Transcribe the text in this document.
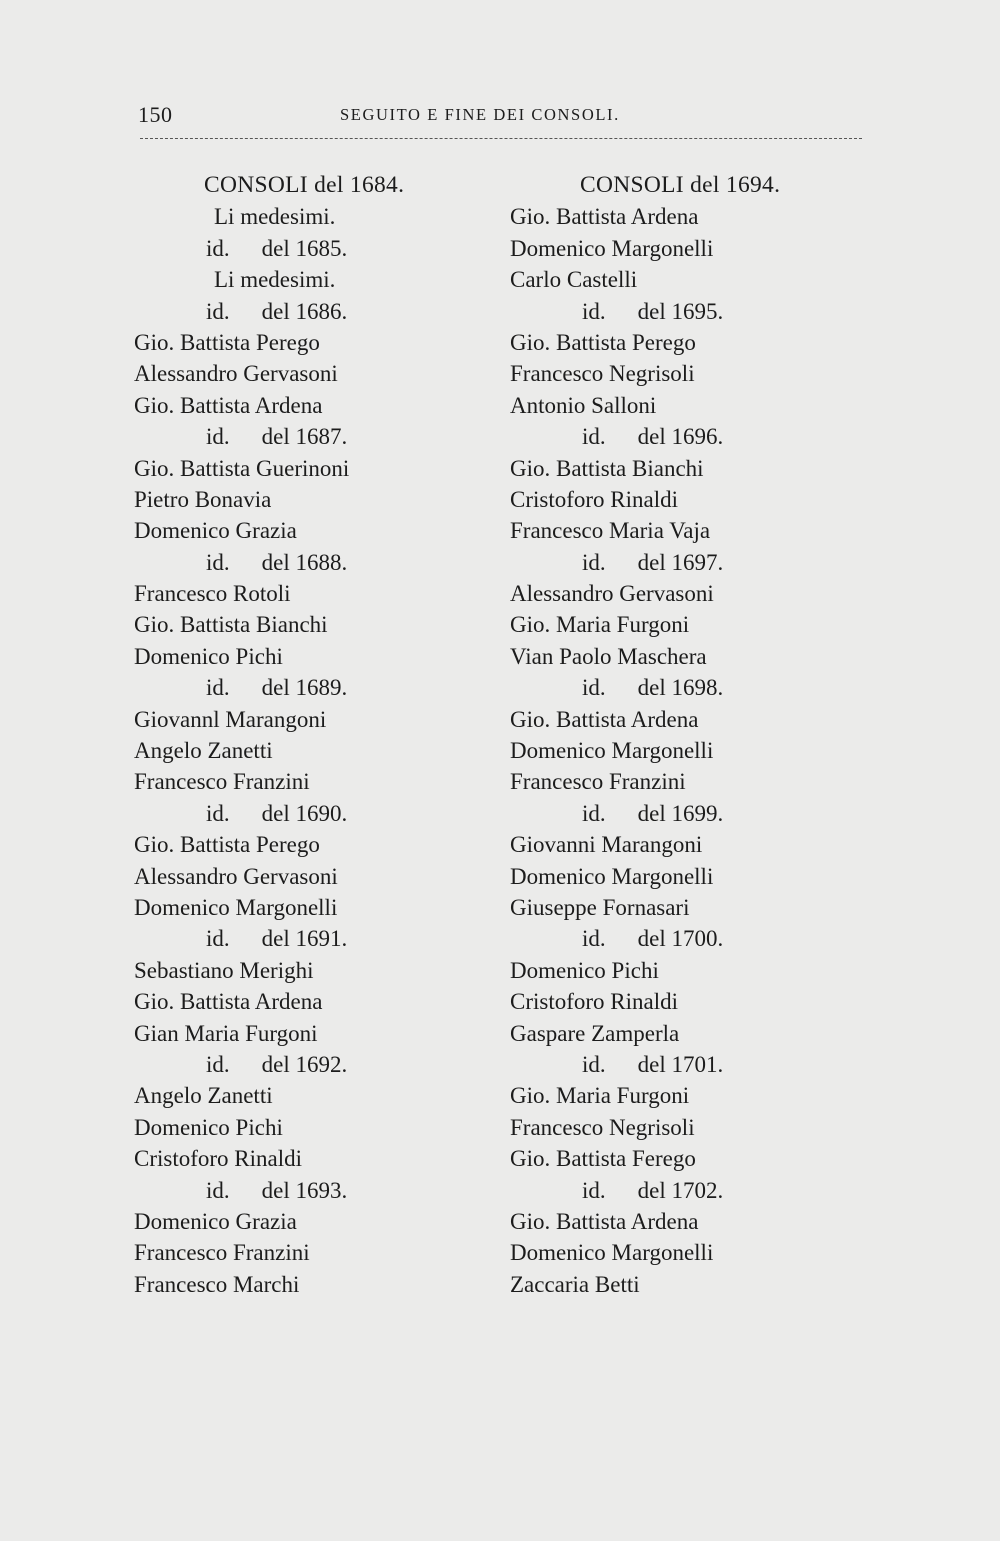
150	SEGUITO E FINE DEI CONSOLI.
CONSOLI del 1684.
Li medesimi.
id. del 1685.
Li medesimi.
id. del 1686.
Gio. Battista Perego
Alessandro Gervasoni
Gio. Battista Ardena
id. del 1687.
Gio. Battista Guerinoni
Pietro Bonavia
Domenico Grazia
id. del 1688.
Francesco Rotoli
Gio. Battista Bianchi
Domenico Pichi
id. del 1689.
Giovannl Marangoni
Angelo Zanetti
Francesco Franzini
id. del 1690.
Gio. Battista Perego
Alessandro Gervasoni
Domenico Margonelli
id. del 1691.
Sebastiano Merighi
Gio. Battista Ardena
Gian Maria Furgoni
id. del 1692.
Angelo Zanetti
Domenico Pichi
Cristoforo Rinaldi
id. del 1693.
Domenico Grazia
Francesco Franzini
Francesco Marchi
CONSOLI del 1694.
Gio. Battista Ardena
Domenico Margonelli
Carlo Castelli
id. del 1695.
Gio. Battista Perego
Francesco Negrisoli
Antonio Salloni
id. del 1696.
Gio. Battista Bianchi
Cristoforo Rinaldi
Francesco Maria Vaja
id. del 1697.
Alessandro Gervasoni
Gio. Maria Furgoni
Vian Paolo Maschera
id. del 1698.
Gio. Battista Ardena
Domenico Margonelli
Francesco Franzini
id. del 1699.
Giovanni Marangoni
Domenico Margonelli
Giuseppe Fornasari
id. del 1700.
Domenico Pichi
Cristoforo Rinaldi
Gaspare Zamperla
id. del 1701.
Gio. Maria Furgoni
Francesco Negrisoli
Gio. Battista Ferego
id. del 1702.
Gio. Battista Ardena
Domenico Margonelli
Zaccaria Betti
